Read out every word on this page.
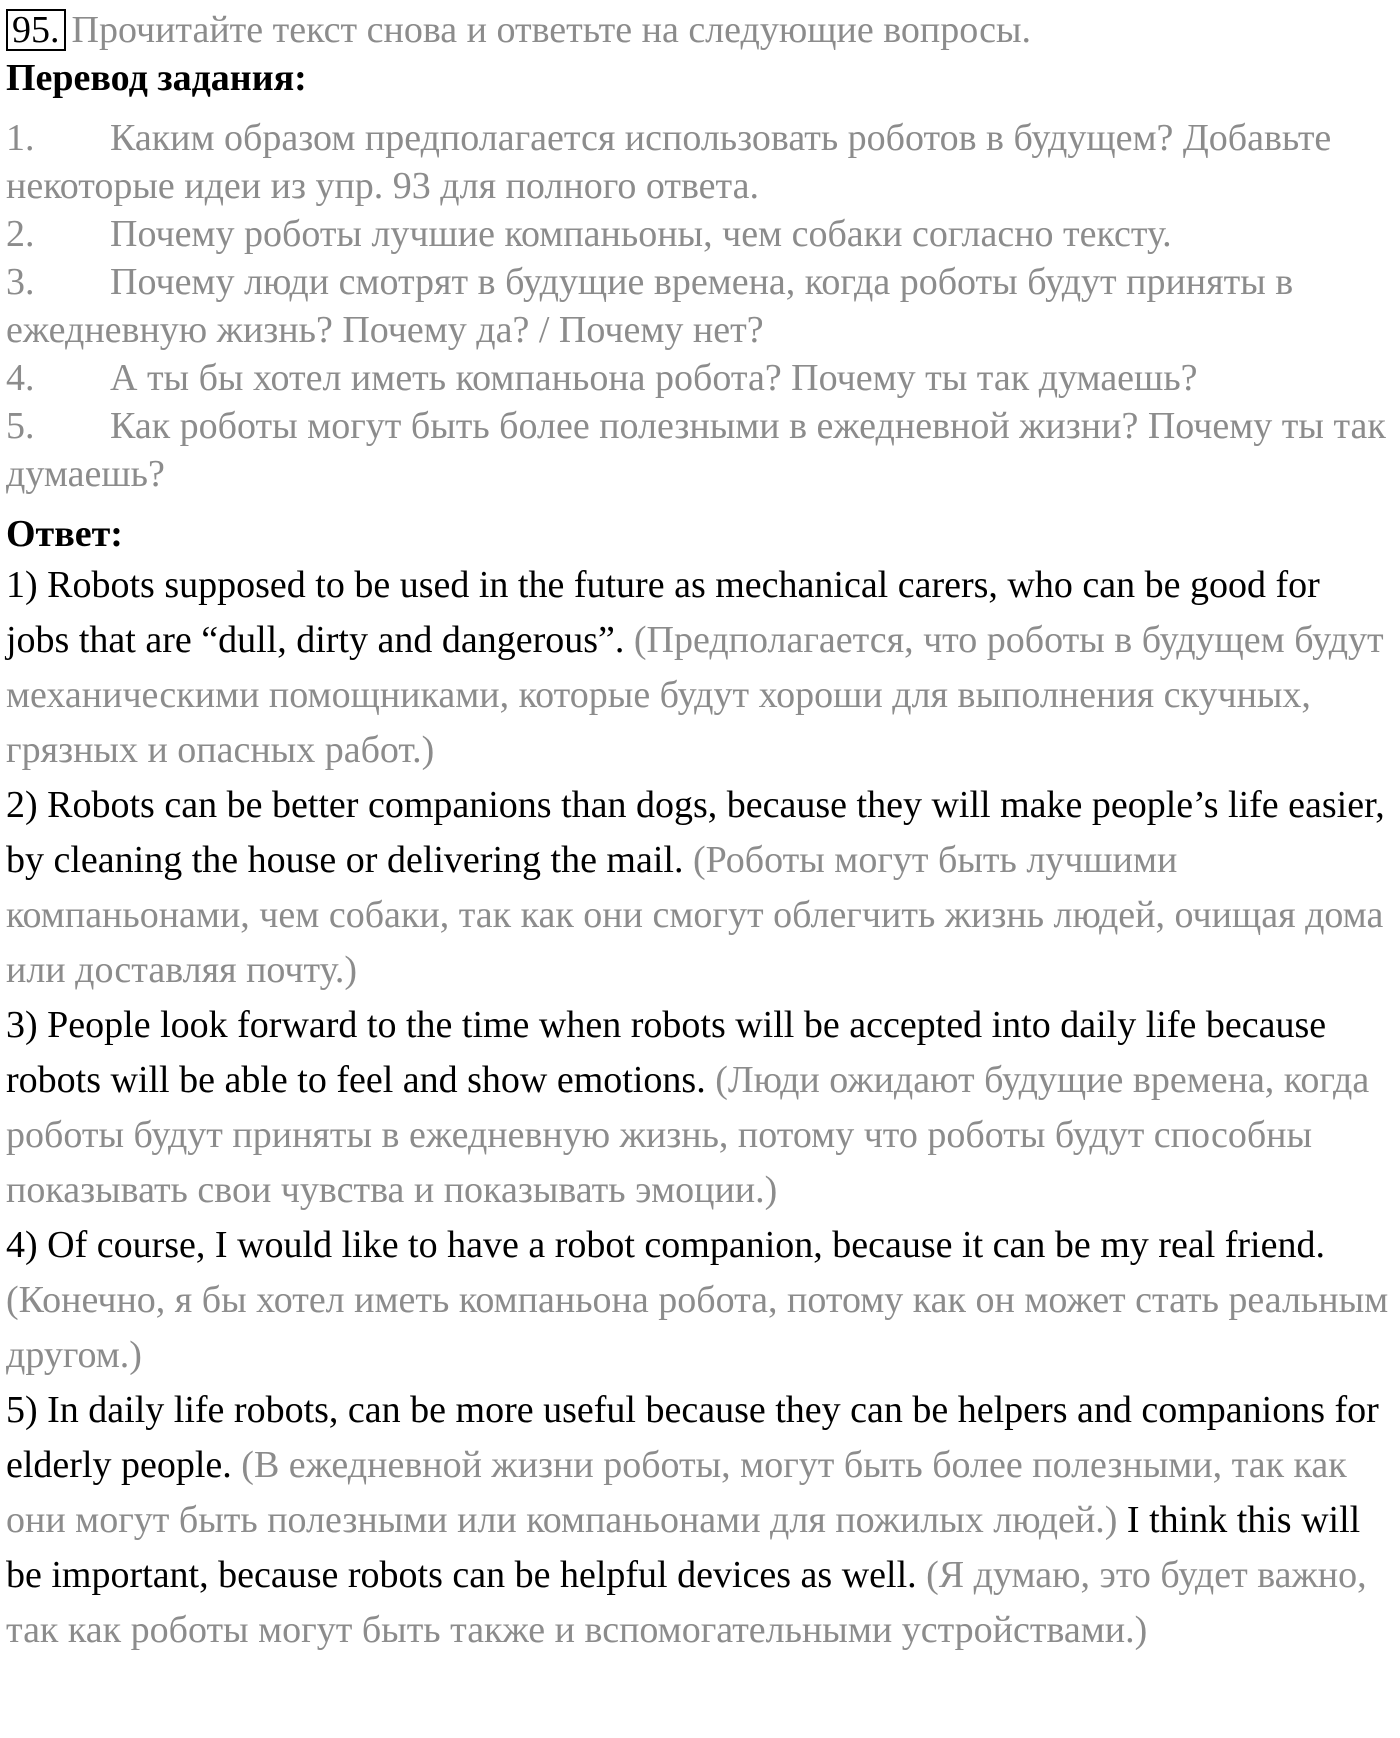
95. Прочитайте текст снова и ответьте на следующие вопросы.

Перевод задания:

1. Каким образом предполагается использовать роботов в будущем? Добавьте некоторые идеи из упр. 93 для полного ответа.

2. Почему роботы лучшие компаньоны, чем собаки согласно тексту.

3. Почему люди смотрят в будущие времена, когда роботы будут приняты в ежедневную жизнь? Почему да? / Почему нет?

4. А ты бы хотел иметь компаньона робота? Почему ты так думаешь?

5. Как роботы могут быть более полезными в ежедневной жизни? Почему ты так думаешь?

Ответ:

1) Robots supposed to be used in the future as mechanical carers, who can be good for jobs that are “dull, dirty and dangerous”. (Предполагается, что роботы в будущем будут механическими помощниками, которые будут хороши для выполнения скучных, грязных и опасных работ.)

2) Robots can be better companions than dogs, because they will make people’s life easier, by cleaning the house or delivering the mail. (Роботы могут быть лучшими компаньонами, чем собаки, так как они смогут облегчить жизнь людей, очищая дома или доставляя почту.)

3) People look forward to the time when robots will be accepted into daily life because robots will be able to feel and show emotions. (Люди ожидают будущие времена, когда роботы будут приняты в ежедневную жизнь, потому что роботы будут способны показывать свои чувства и показывать эмоции.)

4) Of course, I would like to have a robot companion, because it can be my real friend. (Конечно, я бы хотел иметь компаньона робота, потому как он может стать реальным другом.)

5) In daily life robots, can be more useful because they can be helpers and companions for elderly people. (В ежедневной жизни роботы, могут быть более полезными, так как они могут быть полезными или компаньонами для пожилых людей.) I think this will be important, because robots can be helpful devices as well. (Я думаю, это будет важно, так как роботы могут быть также и вспомогательными устройствами.)
